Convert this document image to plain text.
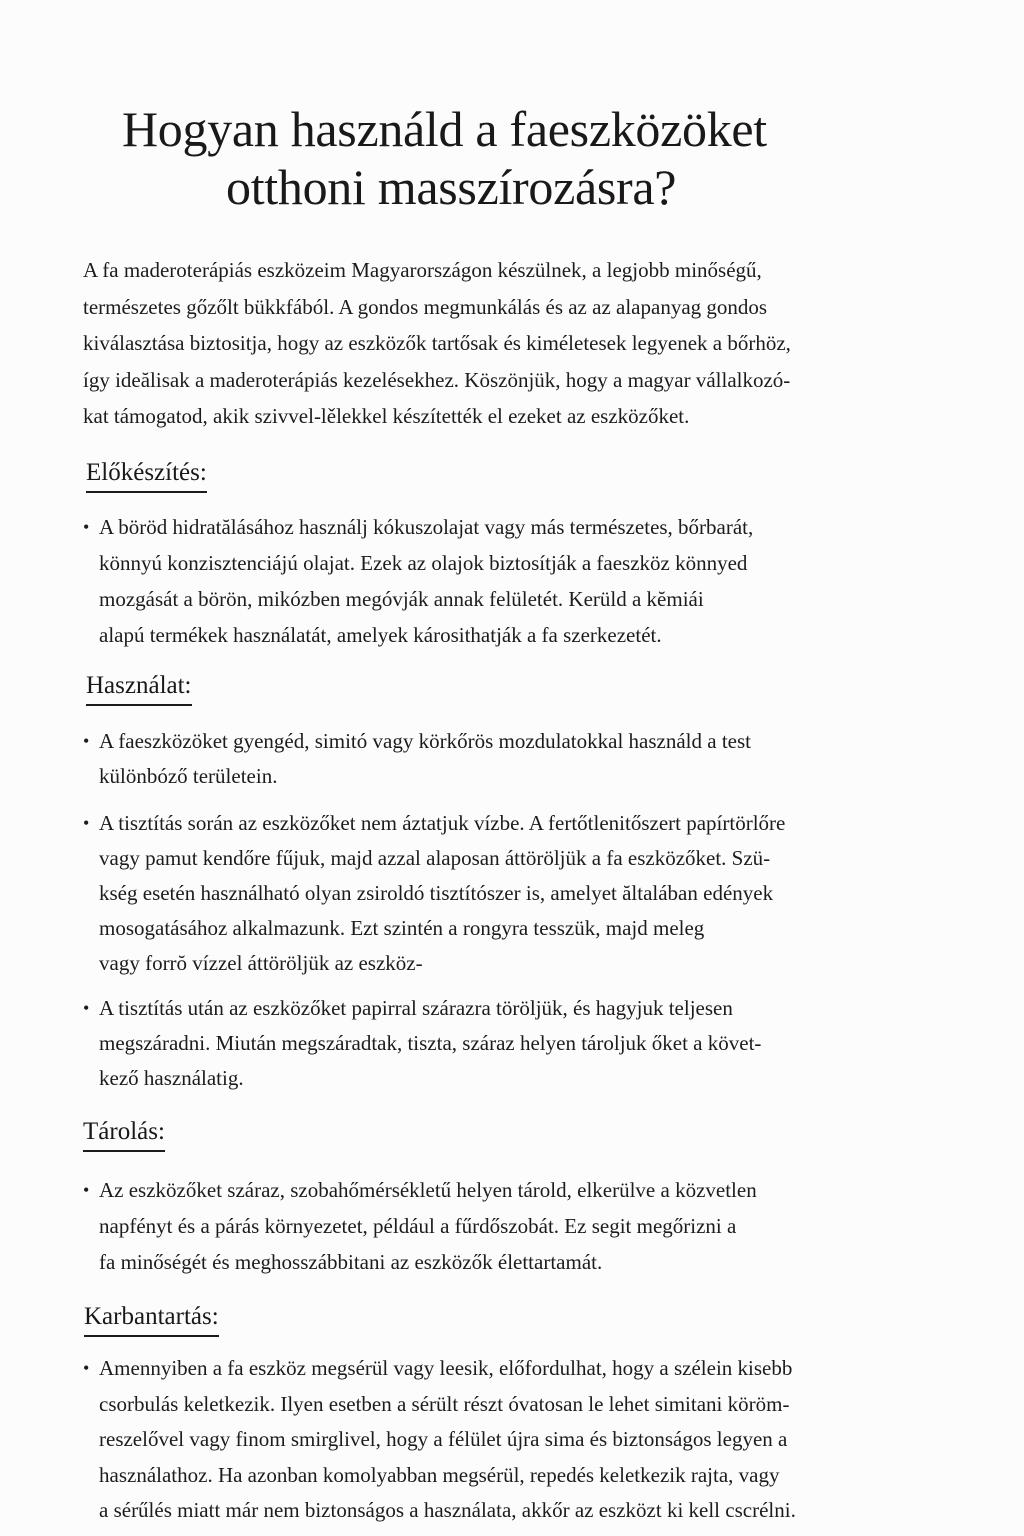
Hogyan használd a faeszközöket
otthoni masszírozásra?

A fa maderoterápiás eszközeim Magyarországon készülnek, a legjobb minőségű,
természetes gőzőlt bükkfából. A gondos megmunkálás és az az alapanyag gondos
kiválasztása biztositja, hogy az eszközők tartősak és kiméletesek legyenek a bőrhöz,
így ideălisak a maderoterápiás kezelésekhez. Köszönjük, hogy a magyar vállalkozó-
kat támogatod, akik szivvel-lělekkel készítették el ezeket az eszközőket.

Előkészítés:
• A böröd hidratălásához használj kókuszolajat vagy más természetes, bőrbarát,
könnyú konzisztenciájú olajat. Ezek az olajok biztosítják a faeszköz könnyed
mozgását a börön, mikózben megóvják annak felületét. Kerüld a kĕmiái
alapú termékek használatát, amelyek károsithatják a fa szerkezetét.
Használat:
• A faeszközöket gyengéd, simitó vagy körkőrös mozdulatokkal használd a test
különbóző területein.
• A tisztítás során az eszközőket nem áztatjuk vízbe. A fertőtlenitőszert papírtörlőre
vagy pamut kendőre fűjuk, majd azzal alaposan áttöröljük a fa eszközőket. Szü-
kség esetén használható olyan zsiroldó tisztítószer is, amelyet ăltalában edények
mosogatásához alkalmazunk. Ezt szintén a rongyra tesszük, majd meleg
vagy forrŏ vízzel áttöröljük az eszköz-
• A tisztítás után az eszközőket papirral szárazra töröljük, és hagyjuk teljesen
megszáradni. Miután megszáradtak, tiszta, száraz helyen tároljuk őket a követ-
kező használatig.
Tárolás:
• Az eszközőket száraz, szobahőmérsékletű helyen tárold, elkerülve a közvetlen
napfényt és a párás környezetet, például a fűrdőszobát. Ez segit megőrizni a
fa minőségét és meghosszábbitani az eszközők élettartamát.
Karbantartás:
• Amennyiben a fa eszköz megsérül vagy leesik, előfordulhat, hogy a szélein kisebb
csorbulás keletkezik. Ilyen esetben a sérült részt óvatosan le lehet simitani köröm-
reszelővel vagy finom smirglivel, hogy a félület újra sima és biztonságos legyen a
használathoz. Ha azonban komolyabban megsérül, repedés keletkezik rajta, vagy
a sérűlés miatt már nem biztonságos a használata, akkőr az eszközt ki kell cscrélni.
